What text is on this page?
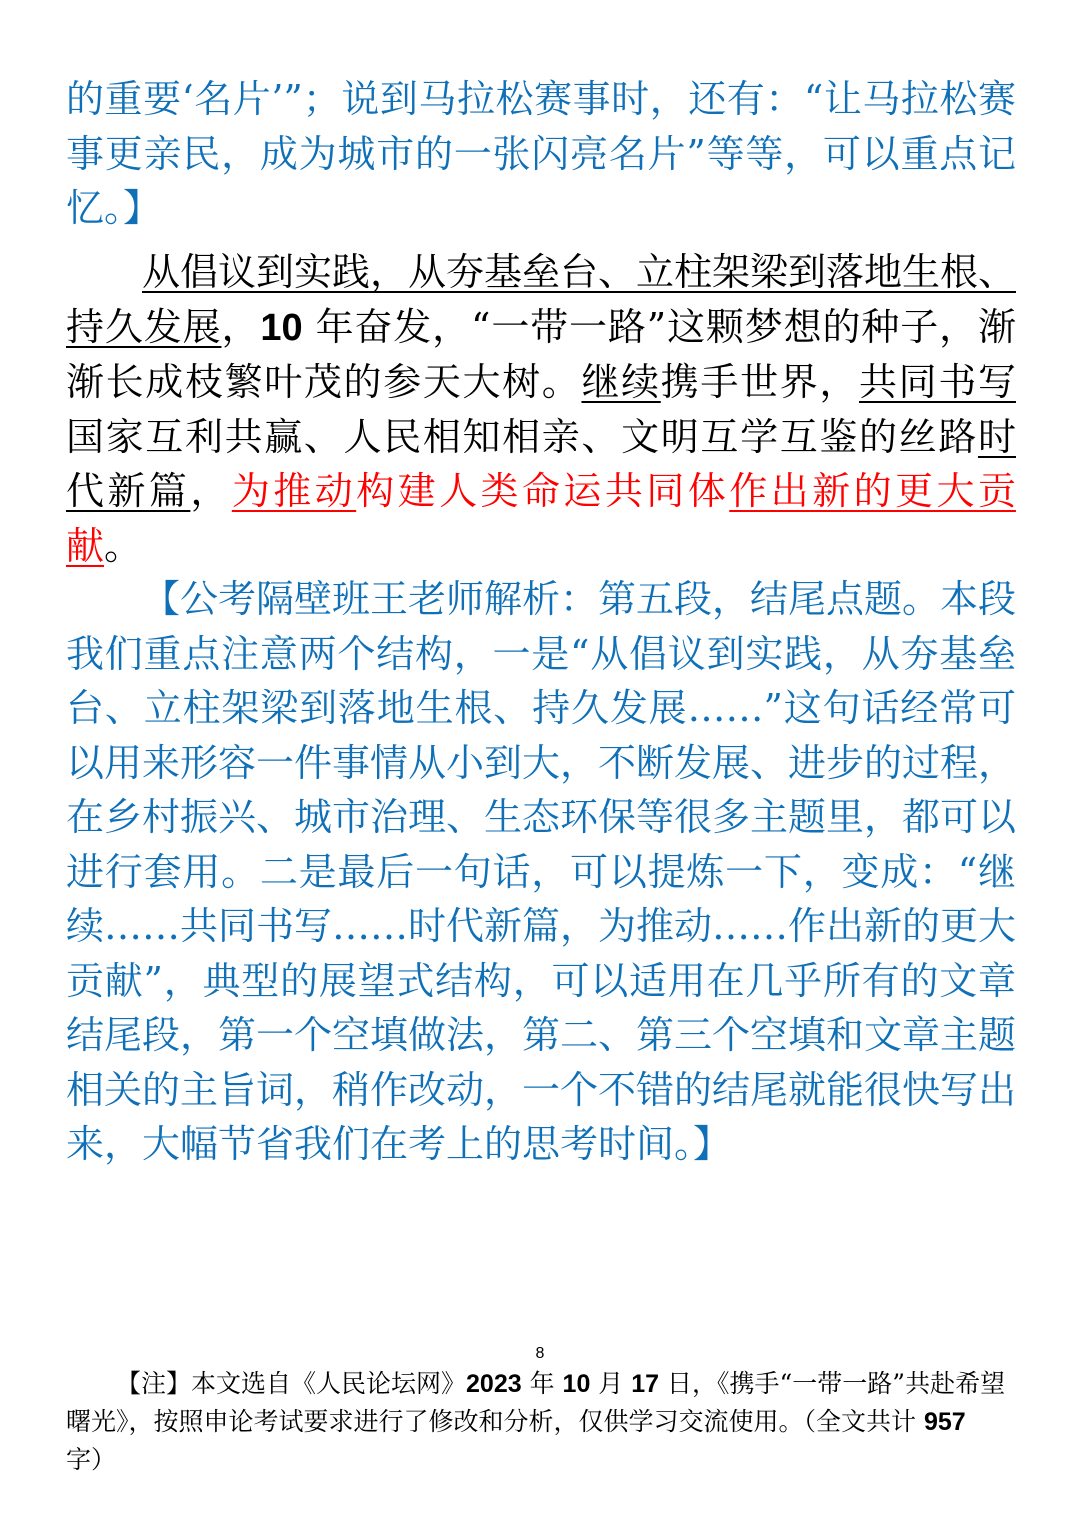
的重要‘名片’”；说到马拉松赛事时，还有：“让马拉松赛事更亲民，成为城市的一张闪亮名片”等等，可以重点记忆。】
从倡议到实践，从夯基垒台、立柱架梁到落地生根、持久发展，10 年奋发，“一带一路”这颗梦想的种子，渐渐长成枝繁叶茂的参天大树。继续携手世界，共同书写国家互利共赢、人民相知相亲、文明互学互鉴的丝路时代新篇，为推动构建人类命运共同体作出新的更大贡献。
【公考隔壁班王老师解析：第五段，结尾点题。本段我们重点注意两个结构，一是“从倡议到实践，从夯基垒台、立柱架梁到落地生根、持久发展……”这句话经常可以用来形容一件事情从小到大，不断发展、进步的过程，在乡村振兴、城市治理、生态环保等很多主题里，都可以进行套用。二是最后一句话，可以提炼一下，变成：“继续……共同书写……时代新篇，为推动……作出新的更大贡献”，典型的展望式结构，可以适用在几乎所有的文章结尾段，第一个空填做法，第二、第三个空填和文章主题相关的主旨词，稍作改动，一个不错的结尾就能很快写出来，大幅节省我们在考上的思考时间。】
8
【注】本文选自《人民论坛网》2023 年 10 月 17 日，《携手“一带一路”共赴希望曙光》，按照申论考试要求进行了修改和分析，仅供学习交流使用。（全文共计 957 字）
